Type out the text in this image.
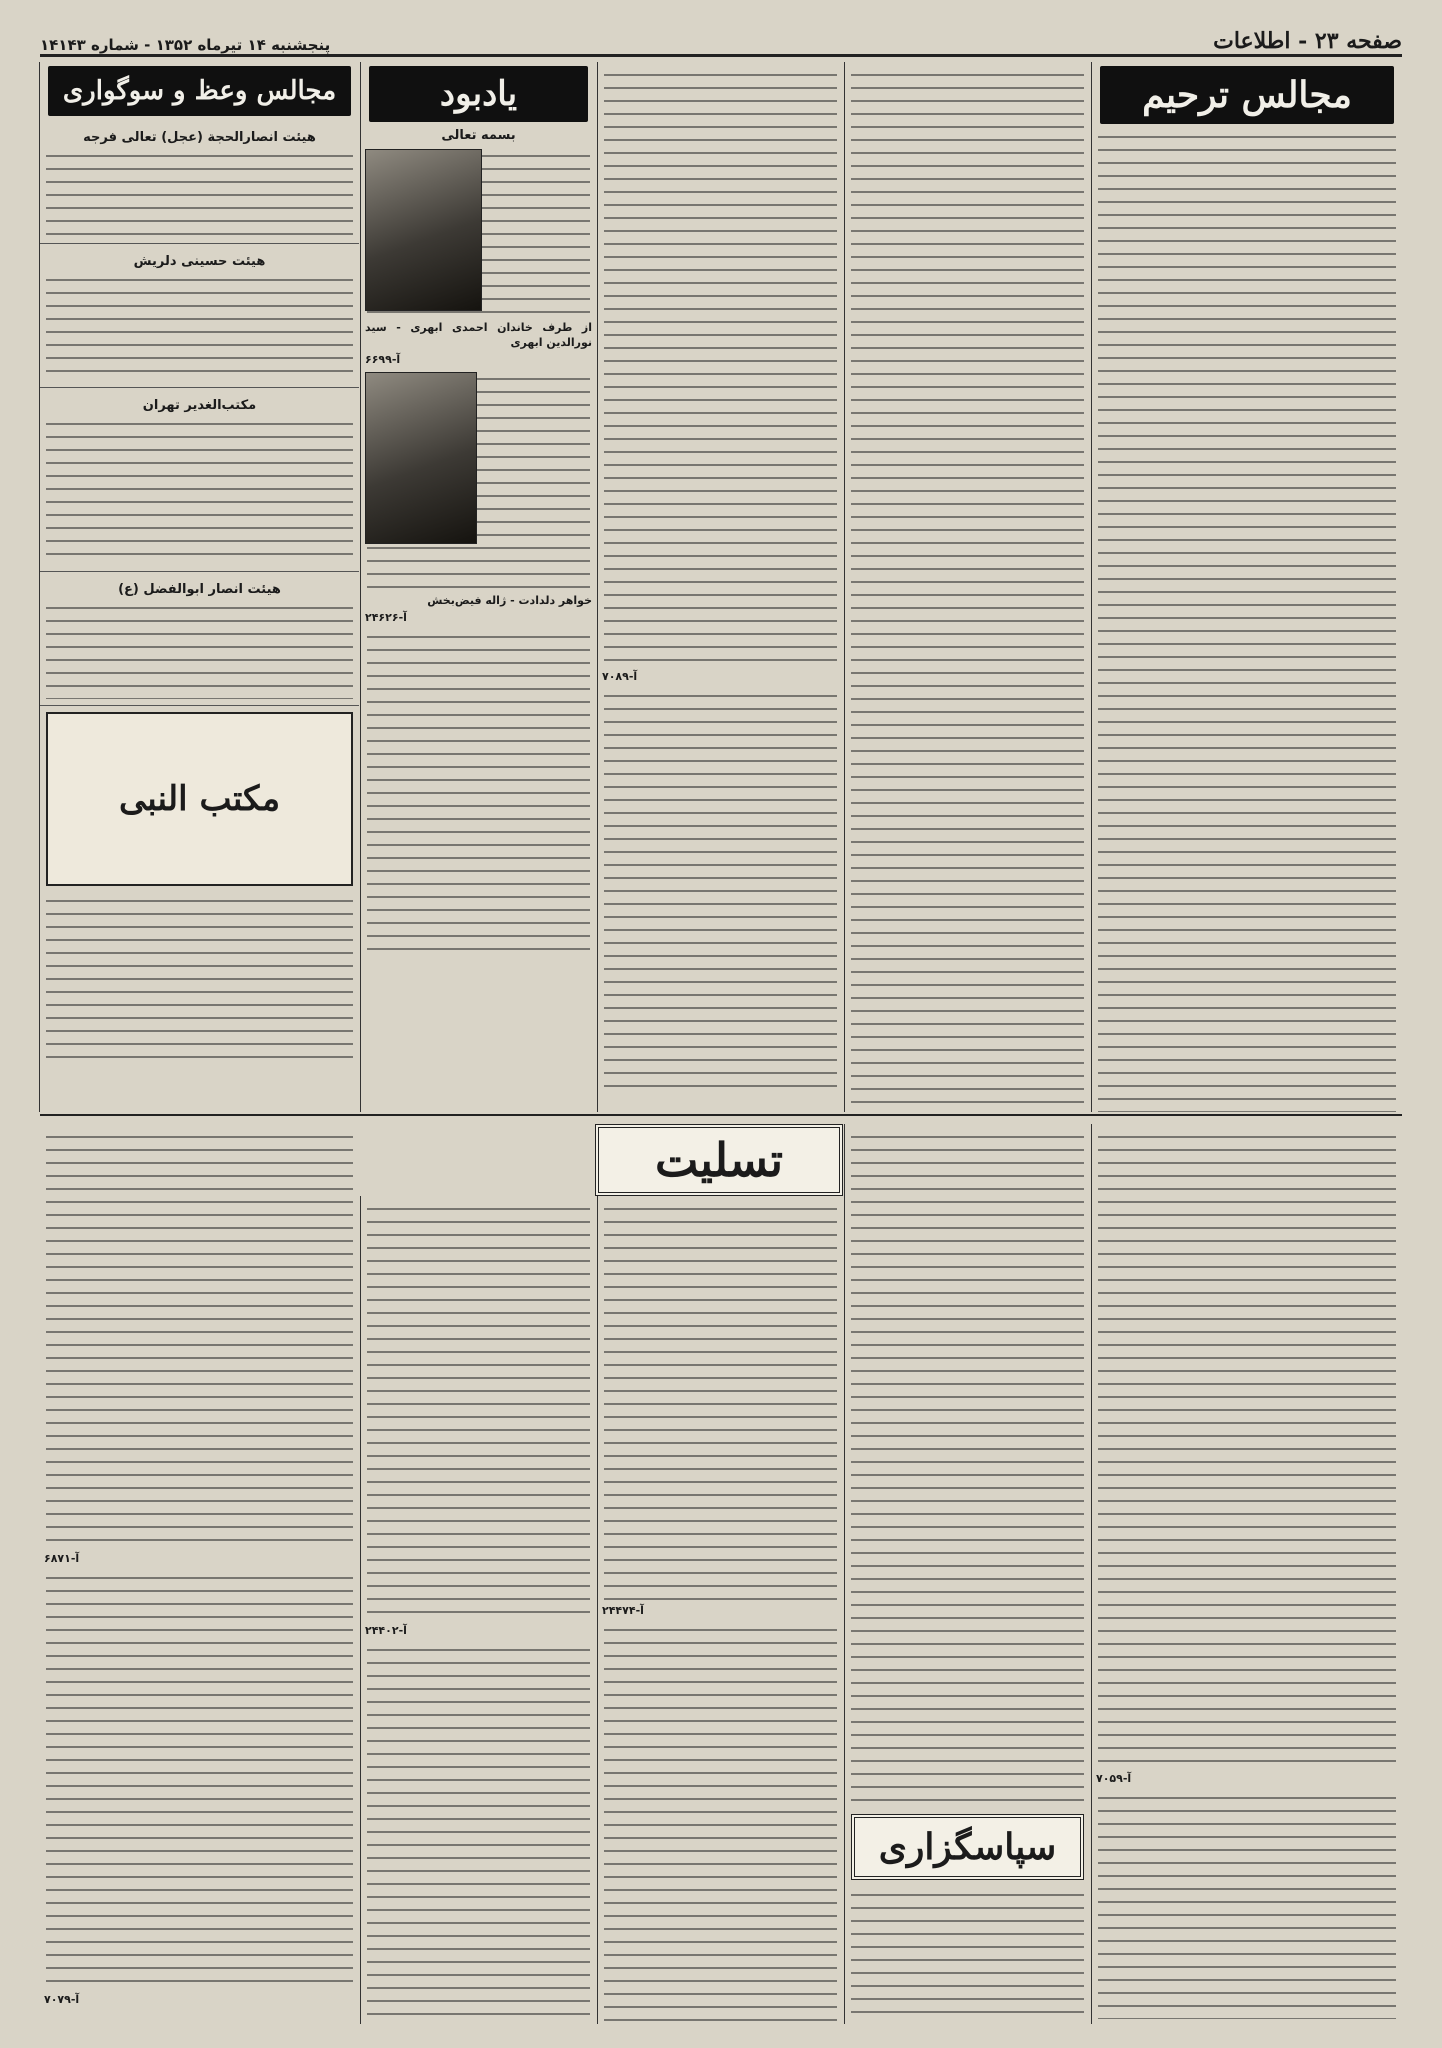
صفحه ۲۳ - اطلاعات
پنجشنبه ۱۴ تیرماه ۱۳۵۲ - شماره ۱۴۱۴۳
مجالس ترحیم
آ-۷۰۸۹
یادبود
بسمه تعالی
از طرف خاندان احمدی ابهری - سید نورالدین ابهری
آ-۶۶۹۹
خواهر دلدادت - ژاله فیض‌بخش
آ-۲۴۶۲۶
مجالس وعظ و سوگواری
هیئت انصارالحجة (عجل) تعالی فرجه
هیئت حسینی دلریش
مکتب‌الغدیر تهران
هیئت انصار ابوالفضل (ع)
مکتب النبی
تسلیت
آ-۷۰۵۹
سپاسگزاری
آ-۲۴۴۷۴
آ-۲۴۴۰۲
آ-۶۸۷۱
آ-۷۰۷۹
